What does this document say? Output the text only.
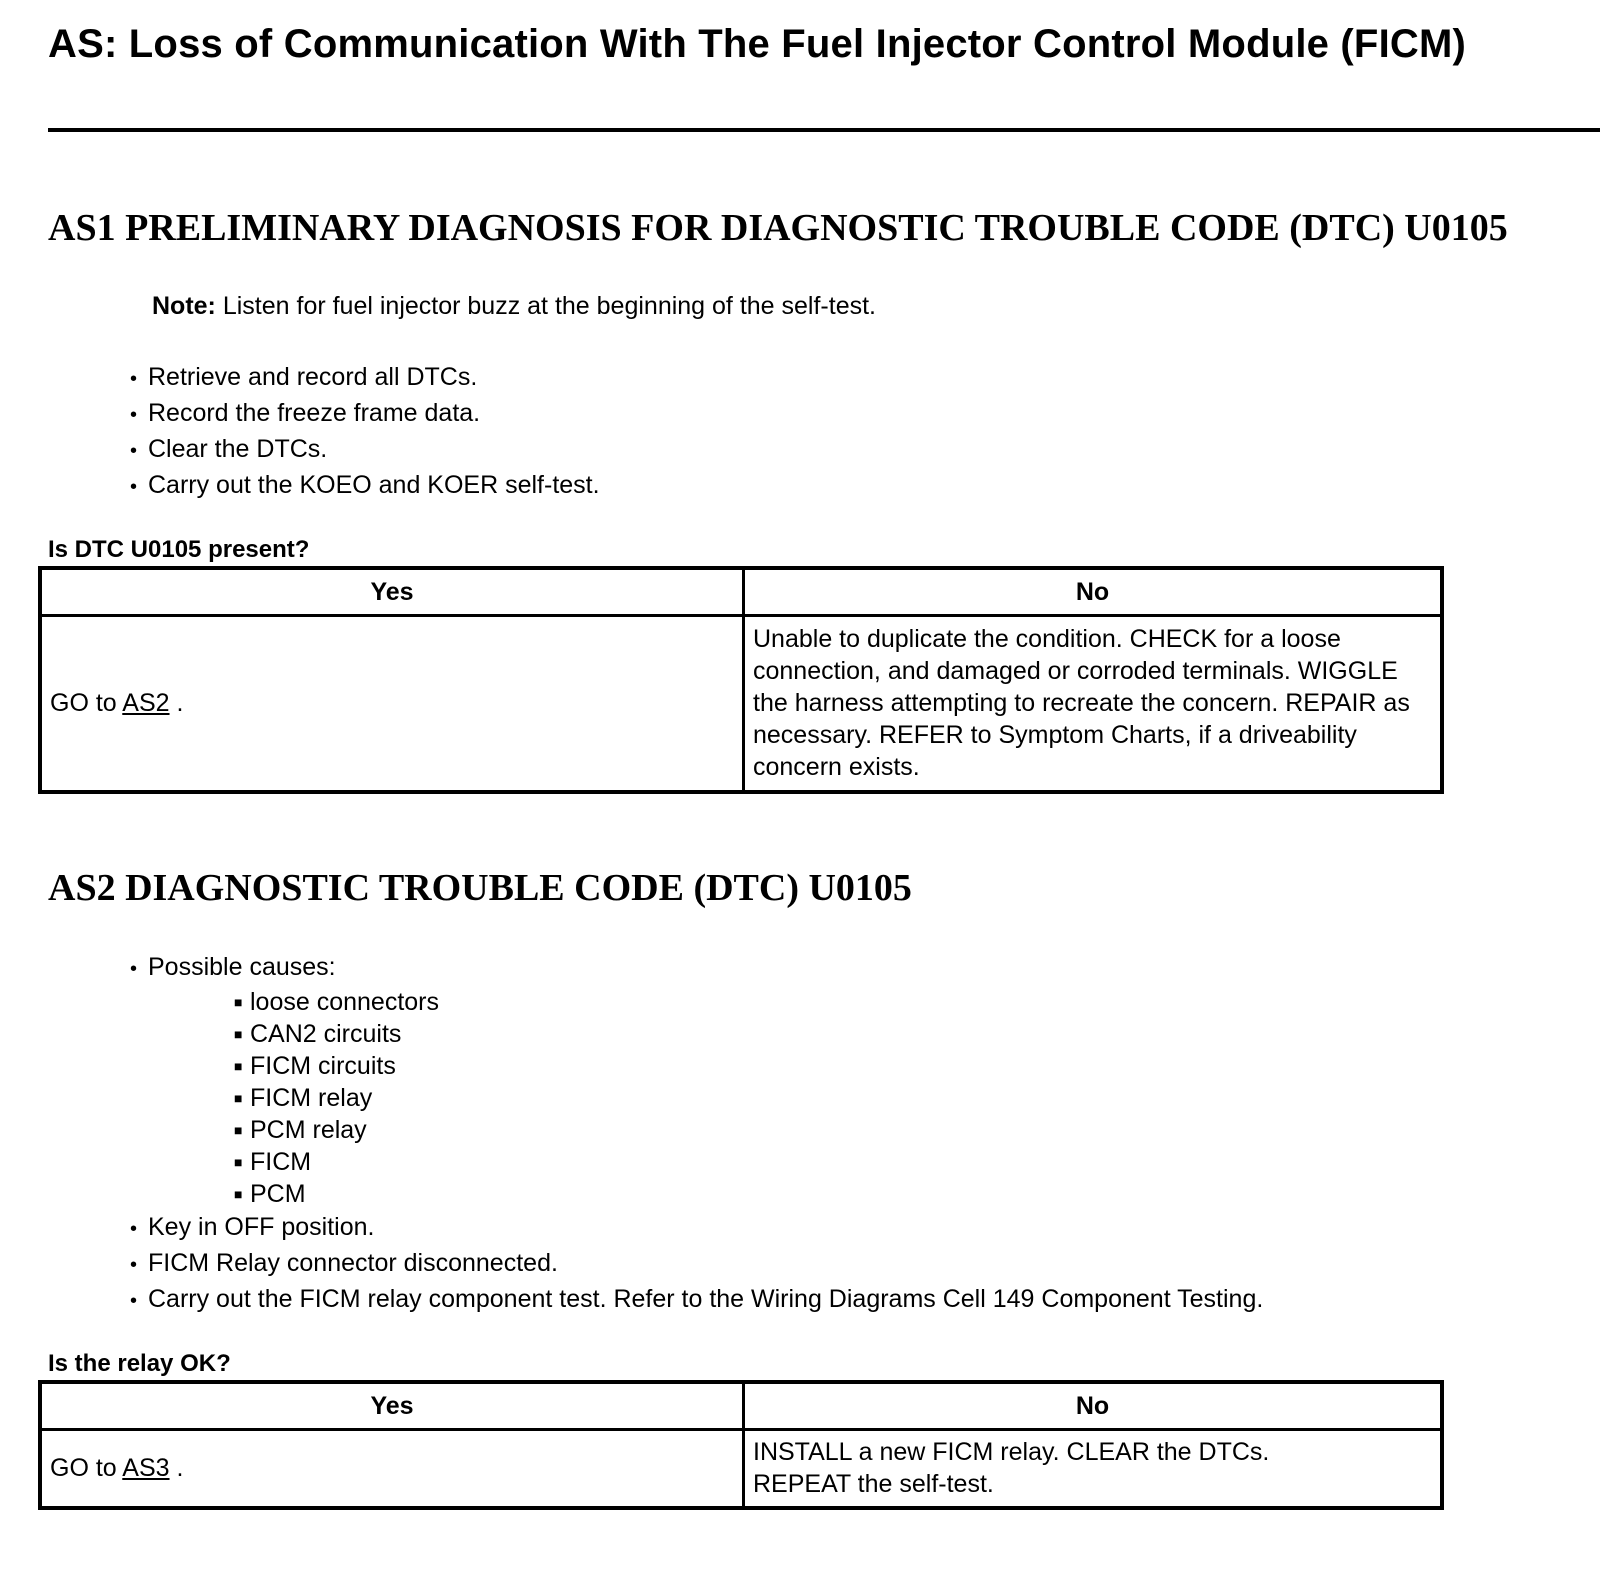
AS: Loss of Communication With The Fuel Injector Control Module (FICM)
AS1 PRELIMINARY DIAGNOSIS FOR DIAGNOSTIC TROUBLE CODE (DTC) U0105
Note: Listen for fuel injector buzz at the beginning of the self-test.
• Retrieve and record all DTCs.
• Record the freeze frame data.
• Clear the DTCs.
• Carry out the KOEO and KOER self-test.
Is DTC U0105 present?
Yes	No
GO to AS2 .	Unable to duplicate the condition. CHECK for a loose connection, and damaged or corroded terminals. WIGGLE the harness attempting to recreate the concern. REPAIR as necessary. REFER to Symptom Charts, if a driveability concern exists.
AS2 DIAGNOSTIC TROUBLE CODE (DTC) U0105
• Possible causes:
■ loose connectors
■ CAN2 circuits
■ FICM circuits
■ FICM relay
■ PCM relay
■ FICM
■ PCM
• Key in OFF position.
• FICM Relay connector disconnected.
• Carry out the FICM relay component test. Refer to the Wiring Diagrams Cell 149 Component Testing.
Is the relay OK?
Yes	No
GO to AS3 .	INSTALL a new FICM relay. CLEAR the DTCs.
REPEAT the self-test.
